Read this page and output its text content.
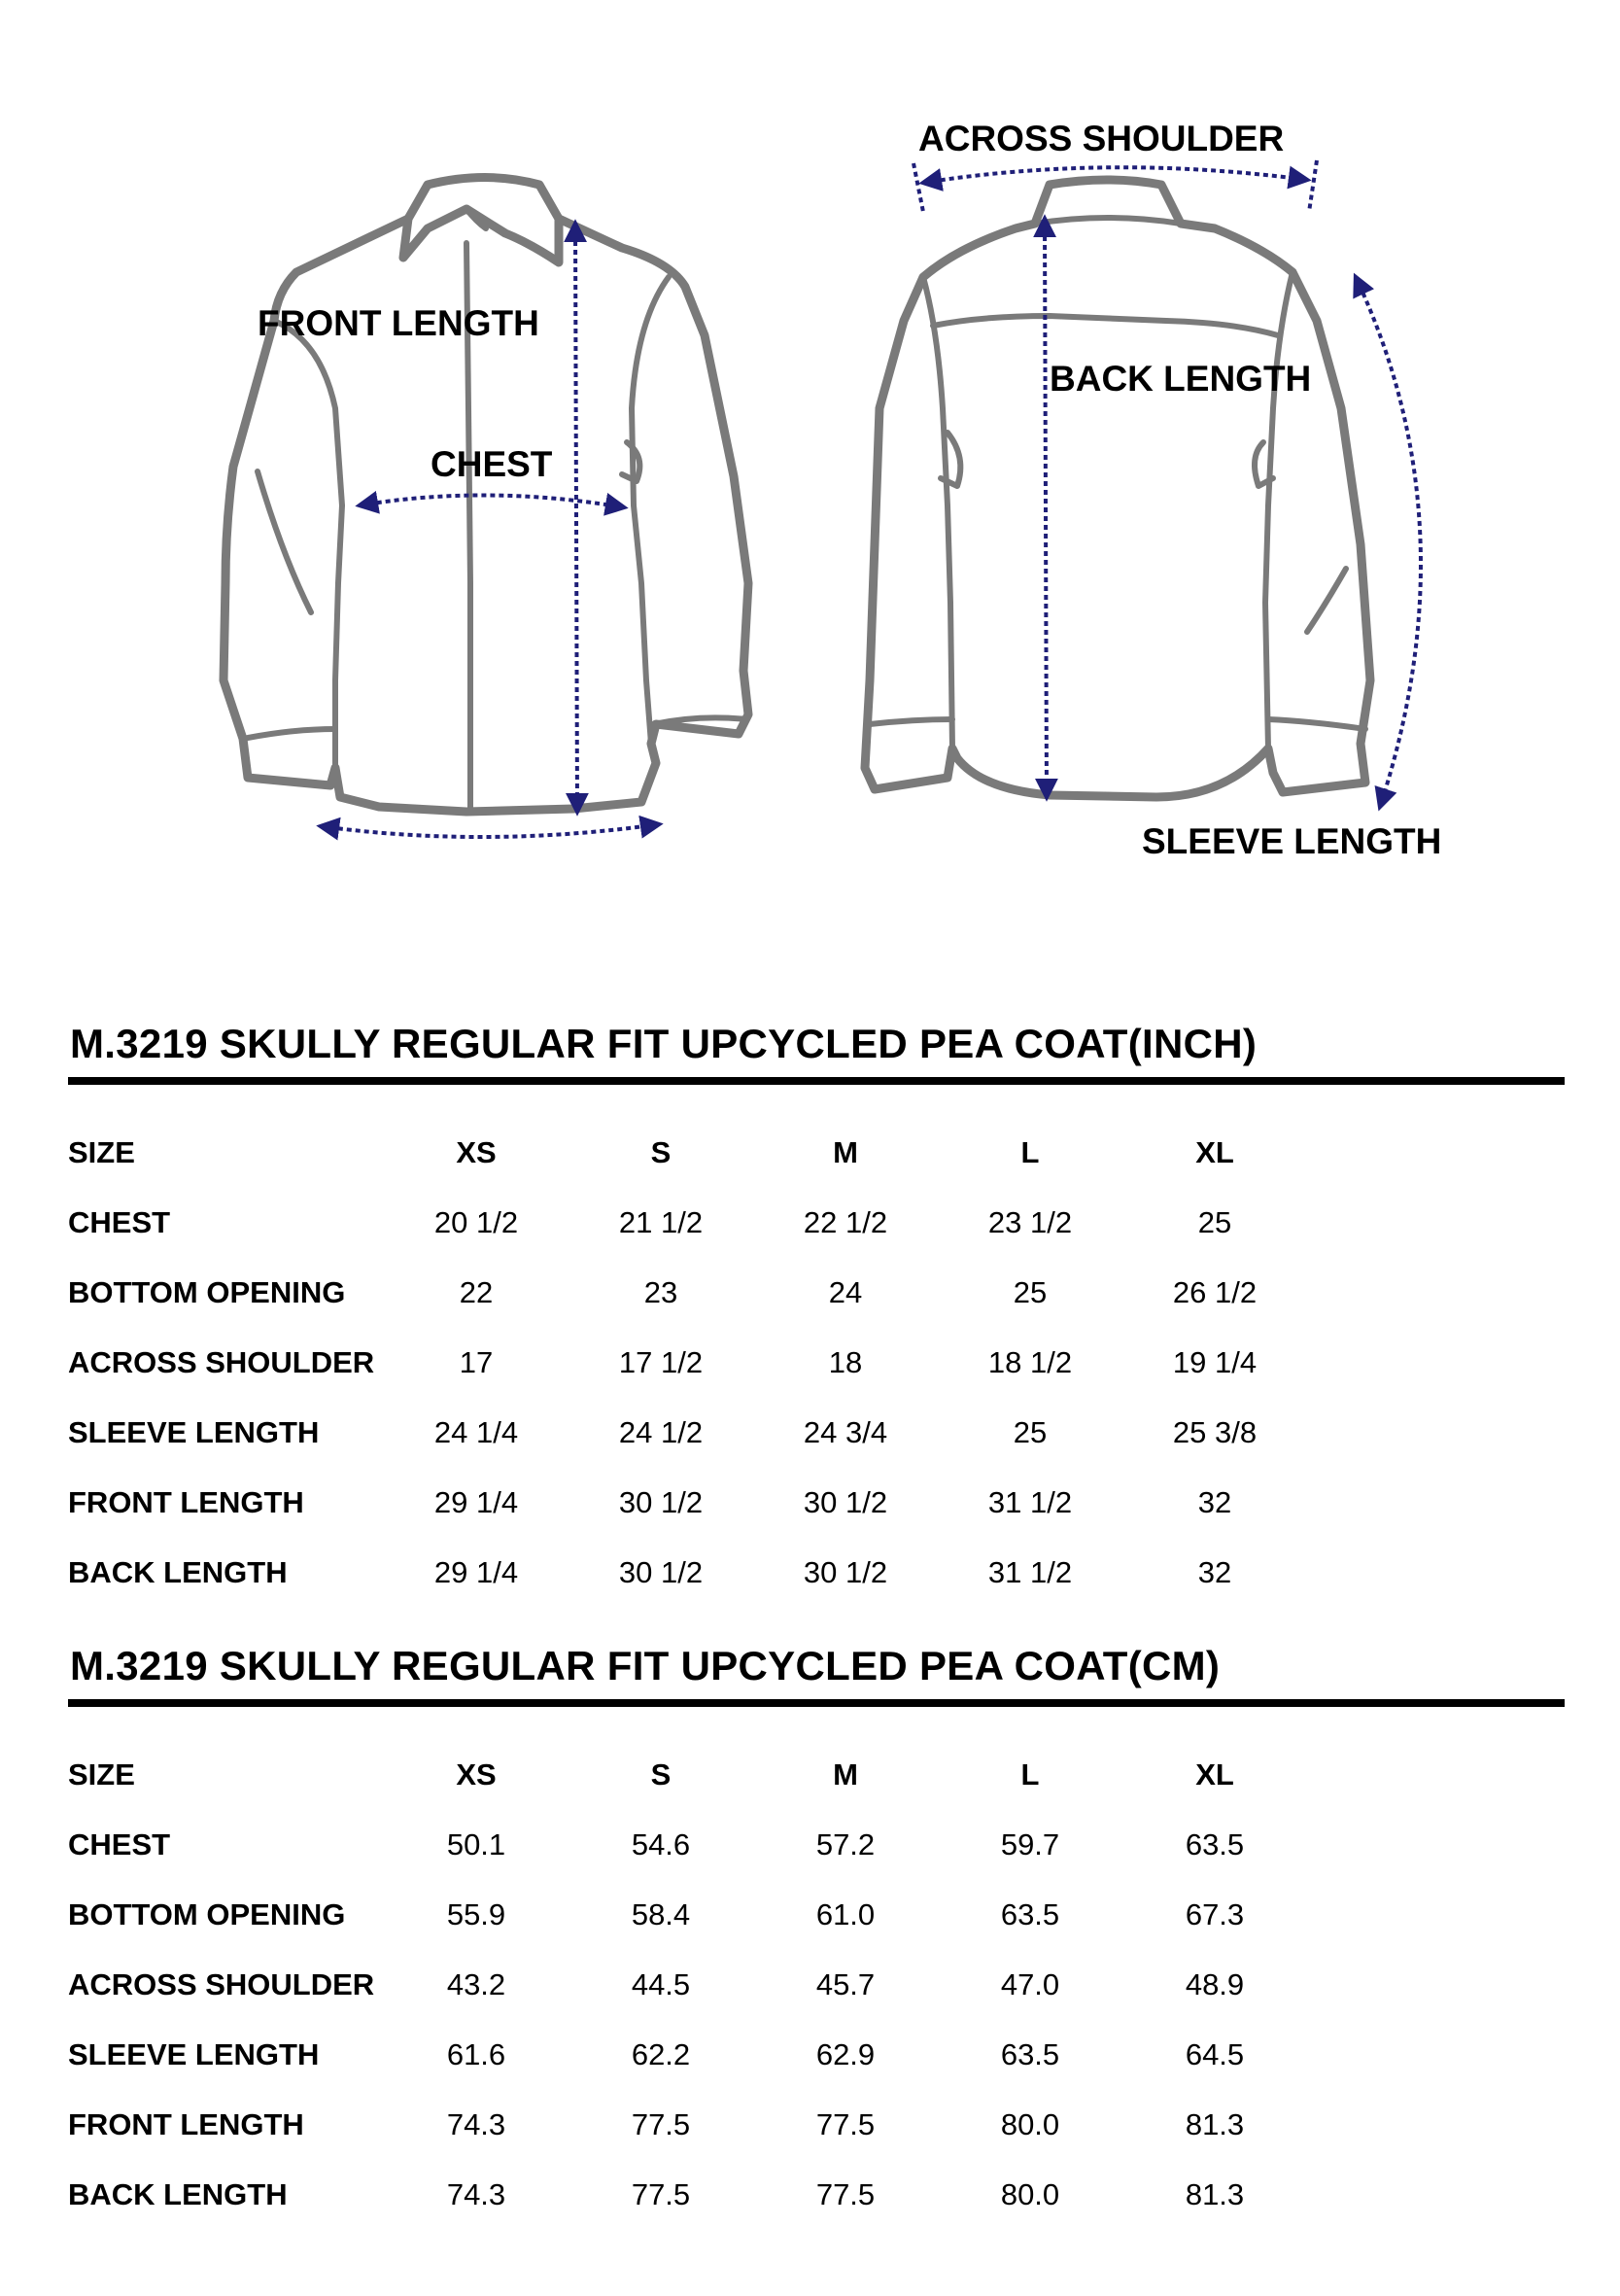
FRONT LENGTH
CHEST
ACROSS SHOULDER
BACK LENGTH
SLEEVE LENGTH
M.3219 SKULLY REGULAR FIT UPCYCLED PEA COAT(INCH)
SIZE	XS	S	M	L	XL
CHEST	20 1/2	21 1/2	22 1/2	23 1/2	25
BOTTOM OPENING	22	23	24	25	26 1/2
ACROSS SHOULDER	17	17 1/2	18	18 1/2	19 1/4
SLEEVE LENGTH	24 1/4	24 1/2	24 3/4	25	25 3/8
FRONT LENGTH	29 1/4	30 1/2	30 1/2	31 1/2	32
BACK LENGTH	29 1/4	30 1/2	30 1/2	31 1/2	32
M.3219 SKULLY REGULAR FIT UPCYCLED PEA COAT(CM)
SIZE	XS	S	M	L	XL
CHEST	50.1	54.6	57.2	59.7	63.5
BOTTOM OPENING	55.9	58.4	61.0	63.5	67.3
ACROSS SHOULDER	43.2	44.5	45.7	47.0	48.9
SLEEVE LENGTH	61.6	62.2	62.9	63.5	64.5
FRONT LENGTH	74.3	77.5	77.5	80.0	81.3
BACK LENGTH	74.3	77.5	77.5	80.0	81.3
